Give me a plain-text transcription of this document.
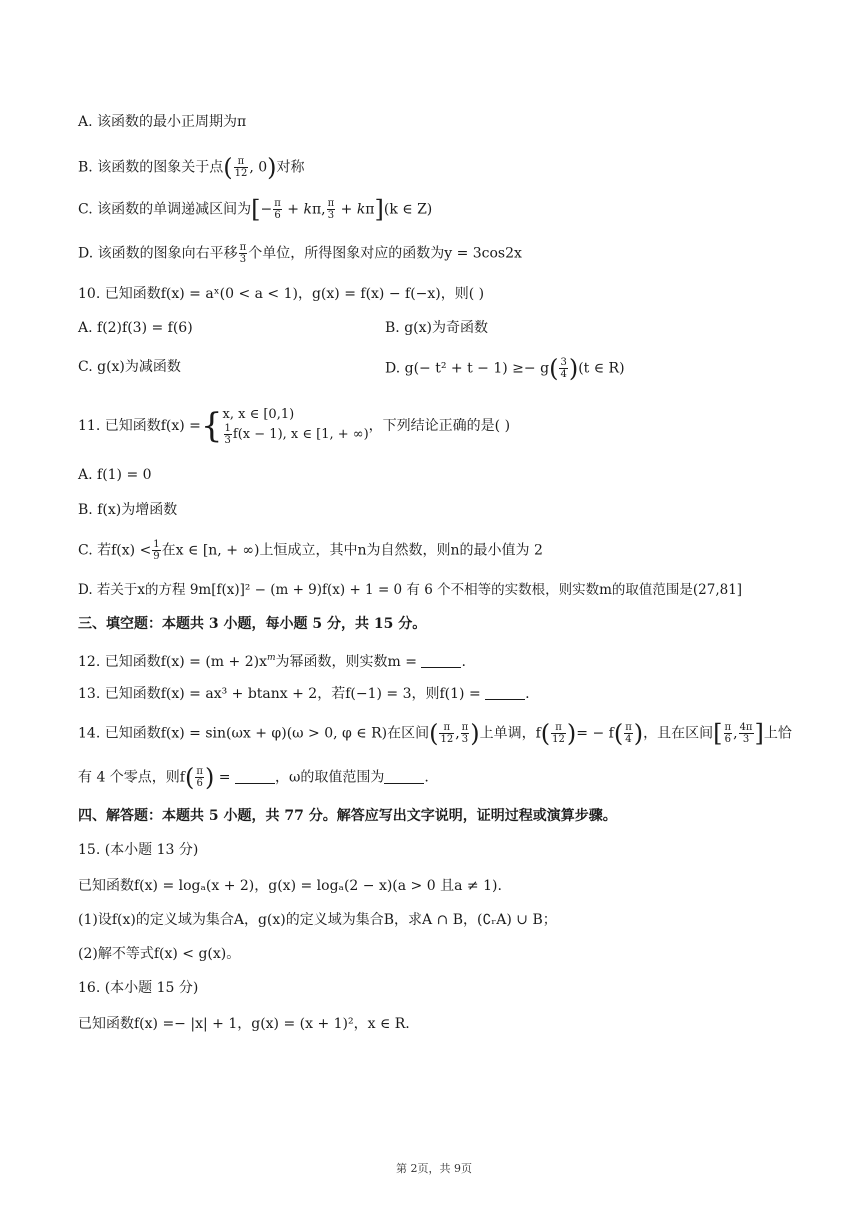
A. 该函数的最小正周期为π
B. 该函数的图象关于点( $\frac{\pi}{12}$ , 0)对称
C. 该函数的单调递减区间为[− $\frac{\pi}{6} + k\pi$, $\frac{\pi}{3} + k\pi](k$ ∈ Z)
D. 该函数的图象向右平移 $\frac{\pi}{3}$ 个单位，所得图象对应的函数为y = 3cos2x
10. 已知函数f(x) = aˣ(0 < a < 1)，g(x) = f(x) − f(−x)，则( )
A. f(2)f(3) = f(6)	B. g(x)为奇函数
C. g(x)为减函数	D. $g(- t^2 + t - 1) \ge- g( \frac{3}{4} )(t$ ∈ R)
11. 已知函数f(x) ={ x, x ∈ [0,1)
$\frac{1}{3} f(x - 1)$, x ∈ [1, + ∞)
，下列结论正确的是( )
A. f(1) = 0
B. f(x)为增函数
C. 若$f(x) < \frac{1}{9}$ 在x ∈ [n, + ∞)上恒成立，其中n为自然数，则n的最小值为 2
D. 若关于x的方程 9m[f(x)]² − (m + 9)f(x) + 1 = 0 有 6 个不相等的实数根，则实数m的取值范围是(27,81]
三、填空题：本题共 3 小题，每小题 5 分，共 15 分。
12. 已知函数$f(x) = (m + 2)x^m$为幂函数，则实数m =	.
13. 已知函数f(x) = ax³ + btanx + 2，若f(−1) = 3，则f(1) =	.
14. 已知函数f(x) = sin(ωx + φ)(ω > 0, φ ∈ R)在区间( $\frac{\pi}{12}$ , $\frac{\pi}{3}$ )上单调，$f( \frac{\pi}{12}$ )= − $f( \frac{\pi}{4}$ )，且在区间[ $\frac{\pi}{6}$ , $\frac{4\pi}{3}$ ]上恰
有 4 个零点，则$f( \frac{\pi}{6}$ ) =	，ω的取值范围为	.
四、解答题：本题共 5 小题，共 77 分。解答应写出文字说明，证明过程或演算步骤。
15. (本小题 13 分)
已知函数f(x) = logₐ(x + 2)，g(x) = logₐ(2 − x)(a > 0 且a ≠ 1).
(1)设f(x)的定义域为集合A，g(x)的定义域为集合B，求A ∩ B，(∁ᵣA) ∪ B；
(2)解不等式f(x) < g(x)。
16. (本小题 15 分)
已知函数f(x) =− |x| + 1，g(x) = (x + 1)²，x ∈ R.
第 2页，共 9页
